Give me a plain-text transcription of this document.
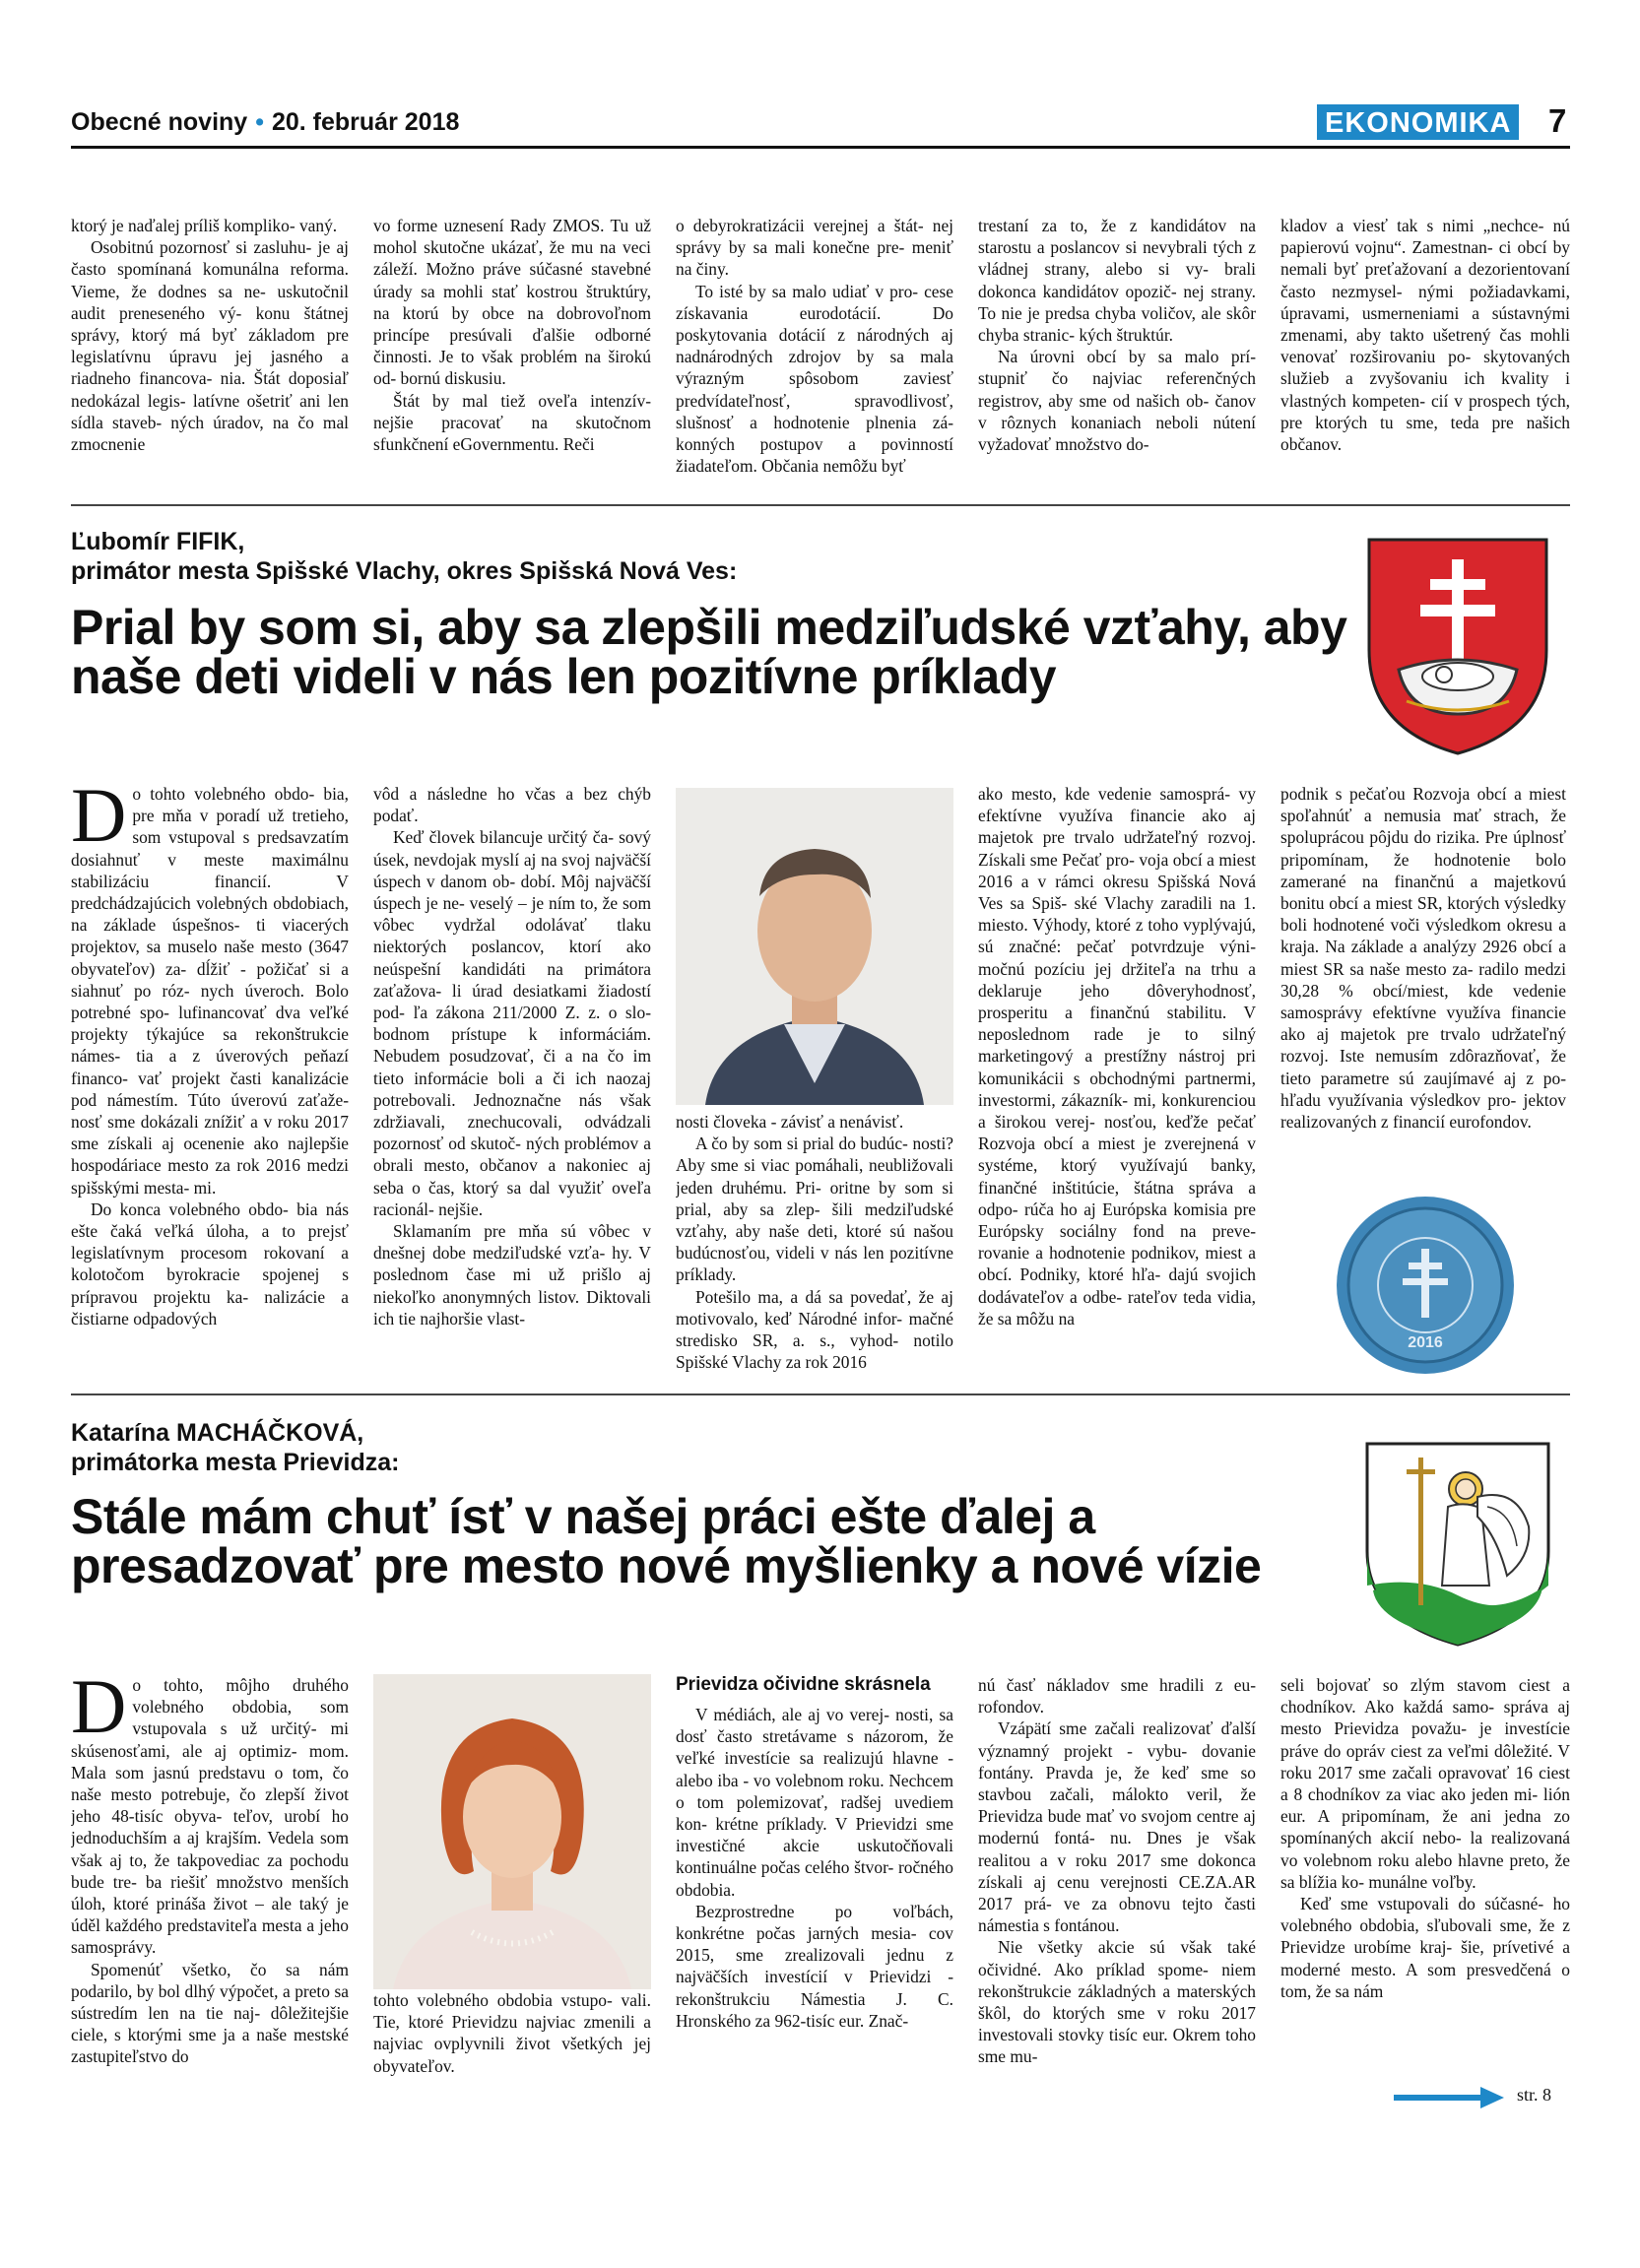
Obecné noviny • 20. február 2018	EKONOMIKA 7

ktorý je naďalej príliš kompliko- vaný.

Osobitnú pozornosť si zasluhu- je aj často spomínaná komunálna reforma. Vieme, že dodnes sa ne- uskutočnil audit preneseného vý- konu štátnej správy, ktorý má byť základom pre legislatívnu úpravu jej jasného a riadneho financova- nia. Štát doposiaľ nedokázal legis- latívne ošetriť ani len sídla staveb- ných úradov, na čo mal zmocnenie

vo forme uznesení Rady ZMOS. Tu už mohol skutočne ukázať, že mu na veci záleží. Možno práve súčasné stavebné úrady sa mohli stať kostrou štruktúry, na ktorú by obce na dobrovoľnom princípe presúvali ďalšie odborné činnosti. Je to však problém na širokú od- bornú diskusiu.

Štát by mal tiež oveľa intenzív- nejšie pracovať na skutočnom sfunkčnení eGovernmentu. Reči

o debyrokratizácii verejnej a štát- nej správy by sa mali konečne pre- meniť na činy.

To isté by sa malo udiať v pro- cese získavania eurodotácií. Do poskytovania dotácií z národných aj nadnárodných zdrojov by sa mala výrazným spôsobom zaviesť predvídateľnosť, spravodlivosť, slušnosť a hodnotenie plnenia zá- konných postupov a povinností žiadateľom. Občania nemôžu byť

trestaní za to, že z kandidátov na starostu a poslancov si nevybrali tých z vládnej strany, alebo si vy- brali dokonca kandidátov opozič- nej strany. To nie je predsa chyba voličov, ale skôr chyba stranic- kých štruktúr.

Na úrovni obcí by sa malo prí- stupniť čo najviac referenčných registrov, aby sme od našich ob- čanov v rôznych konaniach neboli nútení vyžadovať množstvo do-

kladov a viesť tak s nimi „nechce- nú papierovú vojnu“. Zamestnan- ci obcí by nemali byť preťažovaní a dezorientovaní často nezmysel- nými požiadavkami, úpravami, usmerneniami a sústavnými zmenami, aby takto ušetrený čas mohli venovať rozširovaniu po- skytovaných služieb a zvyšovaniu ich kvality i vlastných kompeten- cií v prospech tých, pre ktorých tu sme, teda pre našich občanov.

Ľubomír FIFIK,
primátor mesta Spišské Vlachy, okres Spišská Nová Ves:
Prial by som si, aby sa zlepšili medziľudské vzťahy, aby naše deti videli v nás len pozitívne príklady
D o tohto volebného obdo- bia, pre mňa v poradí už tretieho, som vstupoval s predsavzatím dosiahnuť v meste maximálnu stabilizáciu financií. V predchádzajúcich volebných obdobiach, na základe úspešnos- ti viacerých projektov, sa muselo naše mesto (3647 obyvateľov) za- dĺžiť - požičať si a siahnuť po róz- nych úveroch. Bolo potrebné spo- lufinancovať dva veľké projekty týkajúce sa rekonštrukcie námes- tia a z úverových peňazí financo- vať projekt časti kanalizácie pod námestím. Túto úverovú zaťaže- nosť sme dokázali znížiť a v roku 2017 sme získali aj ocenenie ako najlepšie hospodáriace mesto za rok 2016 medzi spišskými mesta- mi.

Do konca volebného obdo- bia nás ešte čaká veľká úloha, a to prejsť legislatívnym procesom rokovaní a kolotočom byrokracie spojenej s prípravou projektu ka- nalizácie a čistiarne odpadových

vôd a následne ho včas a bez chýb podať.

Keď človek bilancuje určitý ča- sový úsek, nevdojak myslí aj na svoj najväčší úspech v danom ob- dobí. Môj najväčší úspech je ne- veselý – je ním to, že som vôbec vydržal odolávať tlaku niektorých poslancov, ktorí ako neúspešní kandidáti na primátora zaťažova- li úrad desiatkami žiadostí pod- ľa zákona 211/2000 Z. z. o slo- bodnom prístupe k informáciám. Nebudem posudzovať, či a na čo im tieto informácie boli a či ich naozaj potrebovali. Jednoznačne nás však zdržiavali, znechucovali, odvádzali pozornosť od skutoč- ných problémov a obrali mesto, občanov a nakoniec aj seba o čas, ktorý sa dal využiť oveľa racionál- nejšie.

Sklamaním pre mňa sú vôbec v dnešnej dobe medziľudské vzťa- hy. V poslednom čase mi už prišlo aj niekoľko anonymných listov. Diktovali ich tie najhoršie vlast-

nosti človeka - závisť a nenávisť.

A čo by som si prial do budúc- nosti? Aby sme si viac pomáhali, neubližovali jeden druhému. Pri- oritne by som si prial, aby sa zlep- šili medziľudské vzťahy, aby naše deti, ktoré sú našou budúcnosťou, videli v nás len pozitívne príklady.

Potešilo ma, a dá sa povedať, že aj motivovalo, keď Národné infor- mačné stredisko SR, a. s., vyhod- notilo Spišské Vlachy za rok 2016

ako mesto, kde vedenie samosprá- vy efektívne využíva financie ako aj majetok pre trvalo udržateľný rozvoj. Získali sme Pečať pro- voja obcí a miest 2016 a v rámci okresu Spišská Nová Ves sa Spiš- ské Vlachy zaradili na 1. miesto. Výhody, ktoré z toho vyplývajú, sú značné: pečať potvrdzuje výni- močnú pozíciu jej držiteľa na trhu a deklaruje jeho dôveryhodnosť, prosperitu a finančnú stabilitu. V neposlednom rade je to silný marketingový a prestížny nástroj pri komunikácii s obchodnými partnermi, investormi, zákazník- mi, konkurenciou a širokou verej- nosťou, keďže pečať Rozvoja obcí a miest je zverejnená v systéme, ktorý využívajú banky, finančné inštitúcie, štátna správa a odpo- rúča ho aj Európska komisia pre Európsky sociálny fond na preve- rovanie a hodnotenie podnikov, miest a obcí. Podniky, ktoré hľa- dajú svojich dodávateľov a odbe- rateľov teda vidia, že sa môžu na

podnik s pečaťou Rozvoja obcí a miest spoľahnúť a nemusia mať strach, že spoluprácou pôjdu do rizika. Pre úplnosť pripomínam, že hodnotenie bolo zamerané na finančnú a majetkovú bonitu obcí a miest SR, ktorých výsledky boli hodnotené voči výsledkom okresu a kraja. Na základe a analýzy 2926 obcí a miest SR sa naše mesto za- radilo medzi 30,28 % obcí/miest, kde vedenie samosprávy efektívne využíva financie ako aj majetok pre trvalo udržateľný rozvoj. Iste nemusím zdôrazňovať, že tieto parametre sú zaujímavé aj z po- hľadu využívania výsledkov pro- jektov realizovaných z financií eurofondov.

2016
Katarína MACHÁČKOVÁ,
primátorka mesta Prievidza:
Stále mám chuť ísť v našej práci ešte ďalej a presadzovať pre mesto nové myšlienky a nové vízie
D o tohto, môjho druhého volebného obdobia, som vstupovala s už určitý- mi skúsenosťami, ale aj optimiz- mom. Mala som jasnú predstavu o tom, čo naše mesto potrebuje, čo zlepší život jeho 48-tisíc obyva- teľov, urobí ho jednoduchším a aj krajším. Vedela som však aj to, že takpovediac za pochodu bude tre- ba riešiť množstvo menších úloh, ktoré prináša život – ale taký je úděl každého predstaviteľa mesta a jeho samosprávy.

Spomenúť všetko, čo sa nám podarilo, by bol dlhý výpočet, a preto sa sústredím len na tie naj- dôležitejšie ciele, s ktorými sme ja a naše mestské zastupiteľstvo do

tohto volebného obdobia vstupo- vali. Tie, ktoré Prievidzu najviac zmenili a najviac ovplyvnili život všetkých jej obyvateľov.

Prievidza očividne skrásnela

V médiách, ale aj vo verej- nosti, sa dosť často stretávame s názorom, že veľké investície sa realizujú hlavne - alebo iba - vo volebnom roku. Nechcem o tom polemizovať, radšej uvediem kon- krétne príklady. V Prievidzi sme investičné akcie uskutočňovali kontinuálne počas celého štvor- ročného obdobia.

Bezprostredne po voľbách, konkrétne počas jarných mesia- cov 2015, sme zrealizovali jednu z najväčších investícií v Prievidzi - rekonštrukciu Námestia J. C. Hronského za 962-tisíc eur. Znač-

nú časť nákladov sme hradili z eu- rofondov.

Vzápätí sme začali realizovať ďalší významný projekt - vybu- dovanie fontány. Pravda je, že keď sme so stavbou začali, málokto veril, že Prievidza bude mať vo svojom centre aj modernú fontá- nu. Dnes je však realitou a v roku 2017 sme dokonca získali aj cenu verejnosti CE.ZA.AR 2017 prá- ve za obnovu tejto časti námestia s fontánou.

Nie všetky akcie sú však také očividné. Ako príklad spome- niem rekonštrukcie základných a materských škôl, do ktorých sme v roku 2017 investovali stovky tisíc eur. Okrem toho sme mu-

seli bojovať so zlým stavom ciest a chodníkov. Ako každá samo- správa aj mesto Prievidza považu- je investície práve do opráv ciest za veľmi dôležité. V roku 2017 sme začali opravovať 16 ciest a 8 chodníkov za viac ako jeden mi- lión eur. A pripomínam, že ani jedna zo spomínaných akcií nebo- la realizovaná vo volebnom roku alebo hlavne preto, že sa blížia ko- munálne voľby.

Keď sme vstupovali do súčasné- ho volebného obdobia, sľubovali sme, že z Prievidze urobíme kraj- šie, prívetivé a moderné mesto. A som presvedčená o tom, že sa nám

str. 8
